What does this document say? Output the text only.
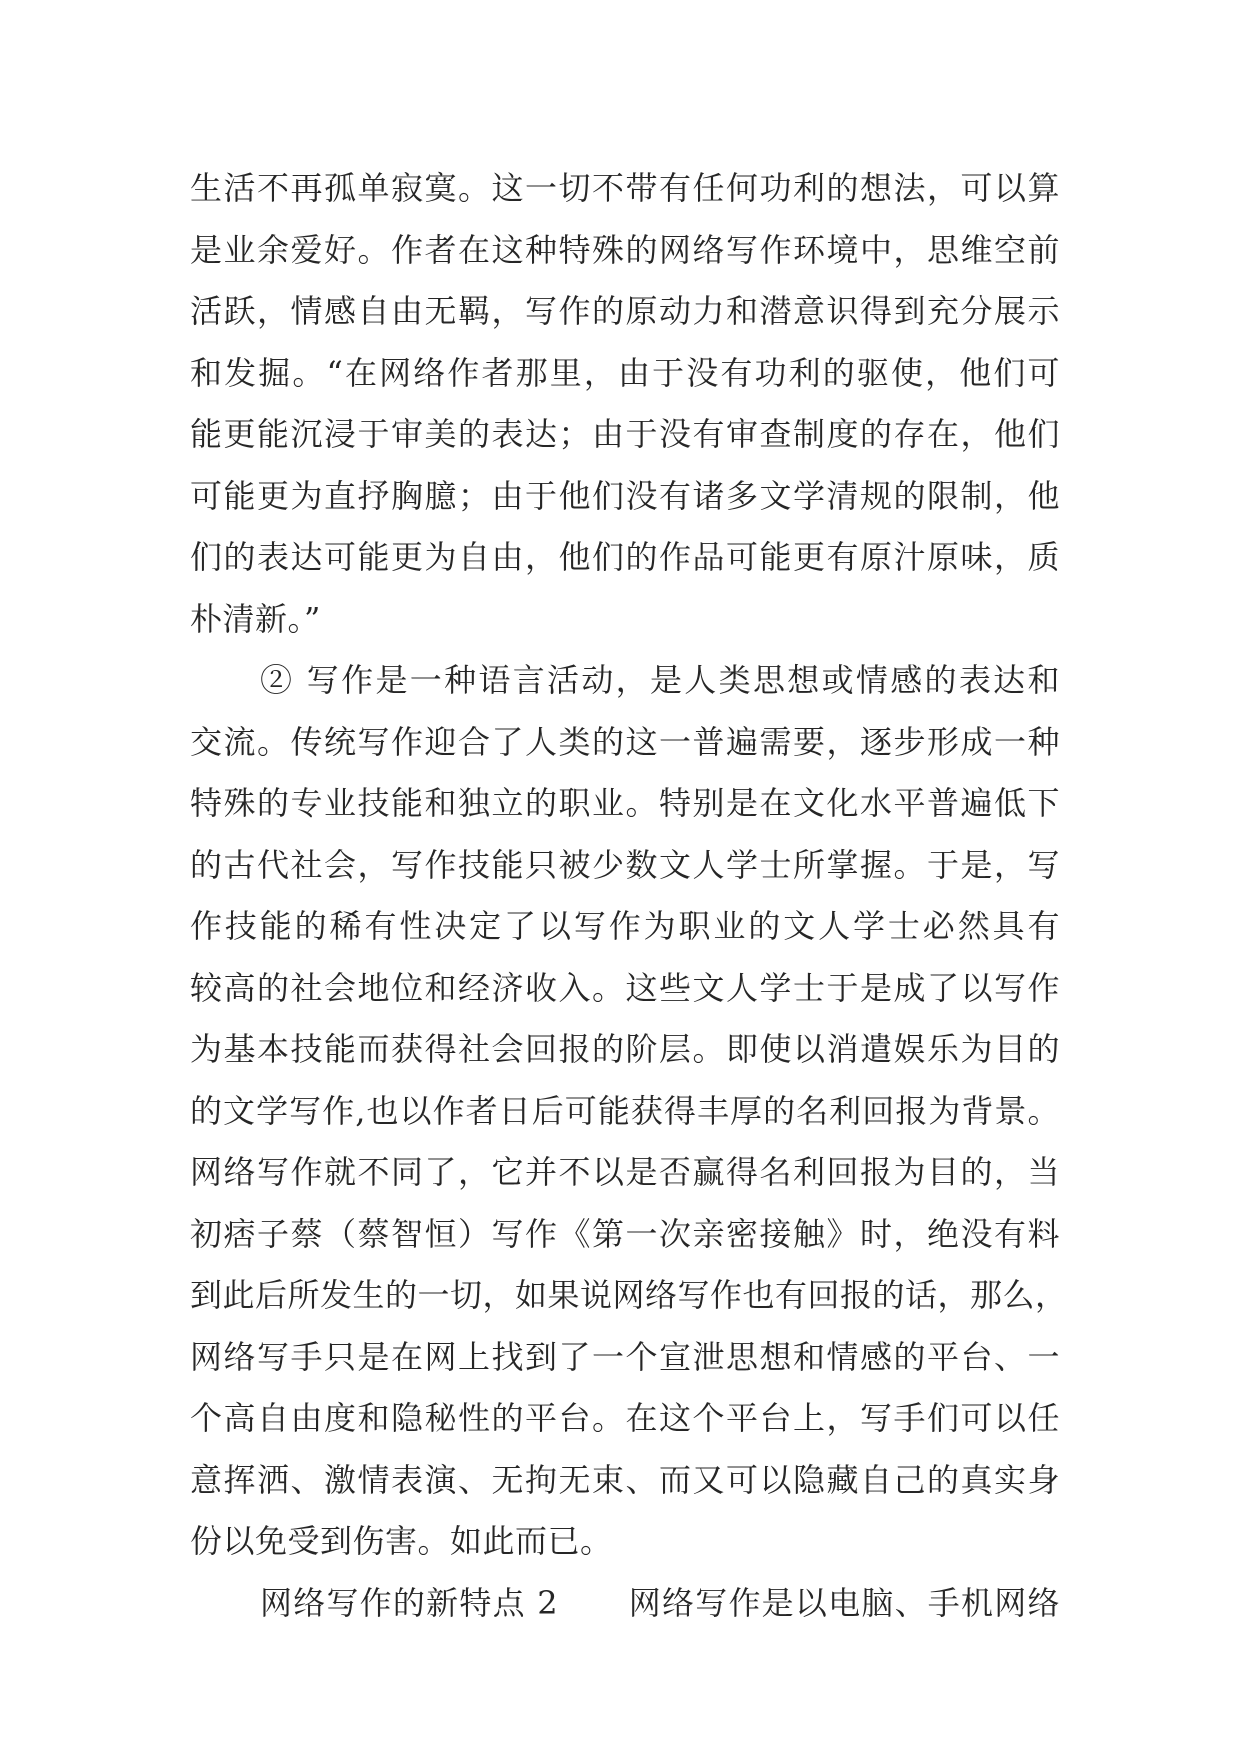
生活不再孤单寂寞。这一切不带有任何功利的想法，可以算
是业余爱好。作者在这种特殊的网络写作环境中，思维空前
活跃，情感自由无羁，写作的原动力和潜意识得到充分展示
和发掘。“在网络作者那里，由于没有功利的驱使，他们可
能更能沉浸于审美的表达；由于没有审查制度的存在，他们
可能更为直抒胸臆；由于他们没有诸多文学清规的限制，他
们的表达可能更为自由，他们的作品可能更有原汁原味，质
朴清新。”
② 写作是一种语言活动，是人类思想或情感的表达和
交流。传统写作迎合了人类的这一普遍需要，逐步形成一种
特殊的专业技能和独立的职业。特别是在文化水平普遍低下
的古代社会，写作技能只被少数文人学士所掌握。于是，写
作技能的稀有性决定了以写作为职业的文人学士必然具有
较高的社会地位和经济收入。这些文人学士于是成了以写作
为基本技能而获得社会回报的阶层。即使以消遣娱乐为目的
的文学写作,也以作者日后可能获得丰厚的名利回报为背景。
网络写作就不同了，它并不以是否赢得名利回报为目的，当
初痞子蔡（蔡智恒）写作《第一次亲密接触》时，绝没有料
到此后所发生的一切，如果说网络写作也有回报的话，那么，
网络写手只是在网上找到了一个宣泄思想和情感的平台、一
个高自由度和隐秘性的平台。在这个平台上，写手们可以任
意挥洒、激情表演、无拘无束、而又可以隐藏自己的真实身
份以免受到伤害。如此而已。
网络写作的新特点 2 网络写作是以电脑、手机网络
